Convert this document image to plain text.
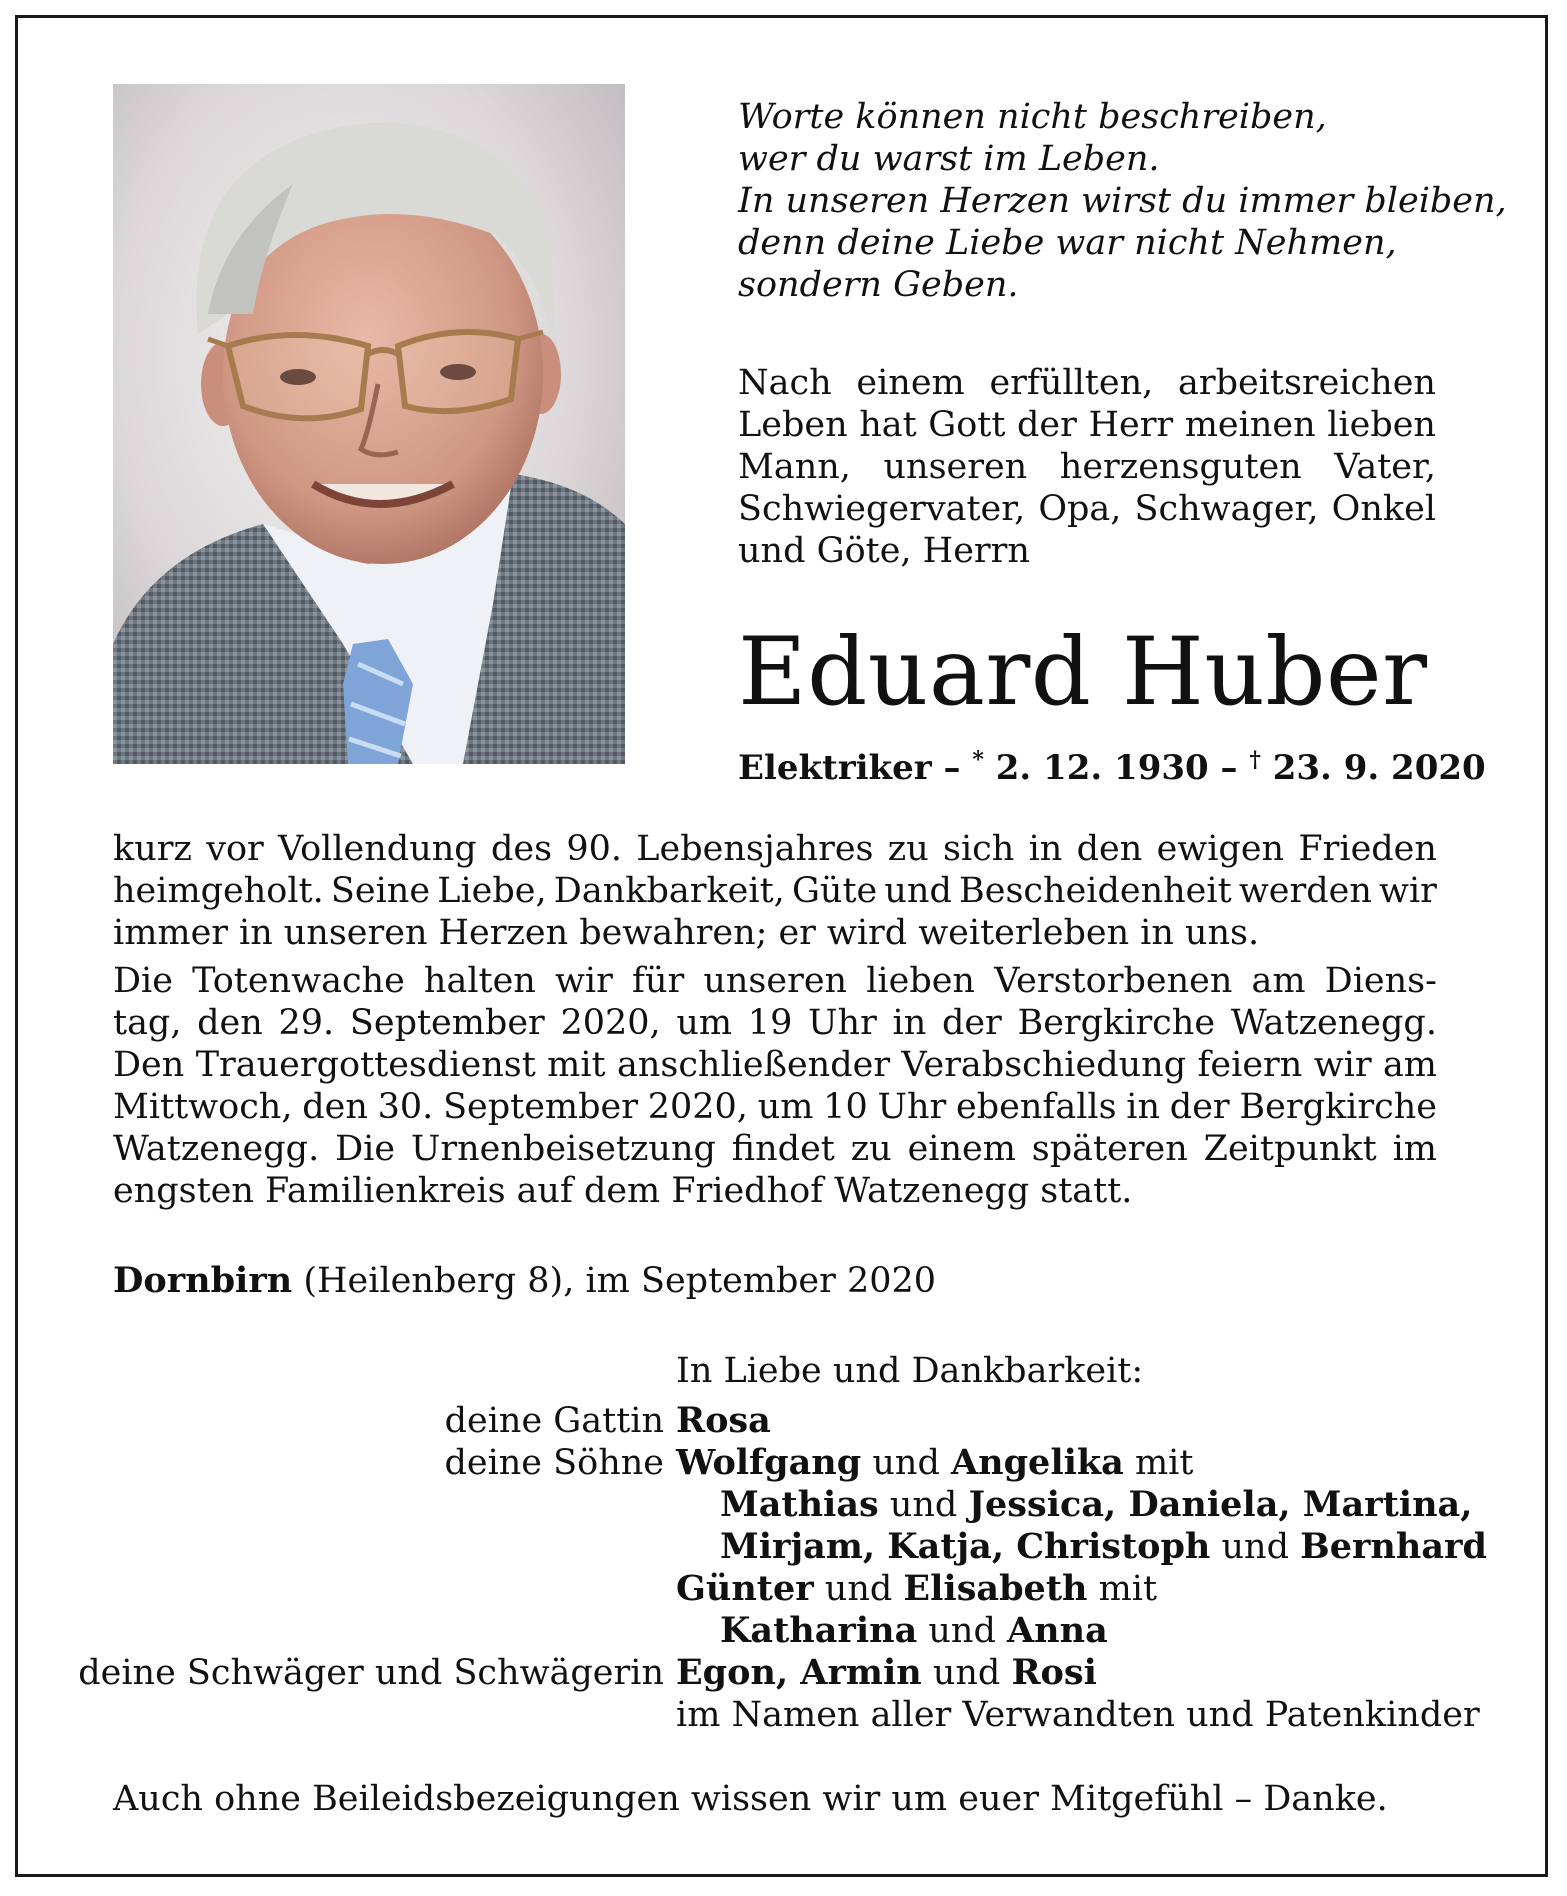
Worte können nicht beschreiben,
wer du warst im Leben.
In unseren Herzen wirst du immer bleiben,
denn deine Liebe war nicht Nehmen,
sondern Geben.
Nach einem erfüllten, arbeitsreichen
Leben hat Gott der Herr meinen lieben
Mann, unseren herzensguten Vater,
Schwiegervater, Opa, Schwager, Onkel
und Göte, Herrn
Eduard Huber
Elektriker – * 2. 12. 1930 – † 23. 9. 2020
kurz vor Vollendung des 90. Lebensjahres zu sich in den ewigen Frieden
heimgeholt. Seine Liebe, Dankbarkeit, Güte und Bescheidenheit werden wir
immer in unseren Herzen bewahren; er wird weiterleben in uns.
Die Totenwache halten wir für unseren lieben Verstorbenen am Diens-
tag, den 29. September 2020, um 19 Uhr in der Bergkirche Watzenegg.
Den Trauergottesdienst mit anschließender Verabschiedung feiern wir am
Mittwoch, den 30. September 2020, um 10 Uhr ebenfalls in der Bergkirche
Watzenegg. Die Urnenbeisetzung findet zu einem späteren Zeitpunkt im
engsten Familienkreis auf dem Friedhof Watzenegg statt.
Dornbirn (Heilenberg 8), im September 2020
In Liebe und Dankbarkeit:
deine Gattin Rosa
deine Söhne Wolfgang und Angelika mit
Mathias und Jessica, Daniela, Martina,
Mirjam, Katja, Christoph und Bernhard
Günter und Elisabeth mit
Katharina und Anna
deine Schwäger und Schwägerin Egon, Armin und Rosi
im Namen aller Verwandten und Patenkinder
Auch ohne Beileidsbezeigungen wissen wir um euer Mitgefühl – Danke.
